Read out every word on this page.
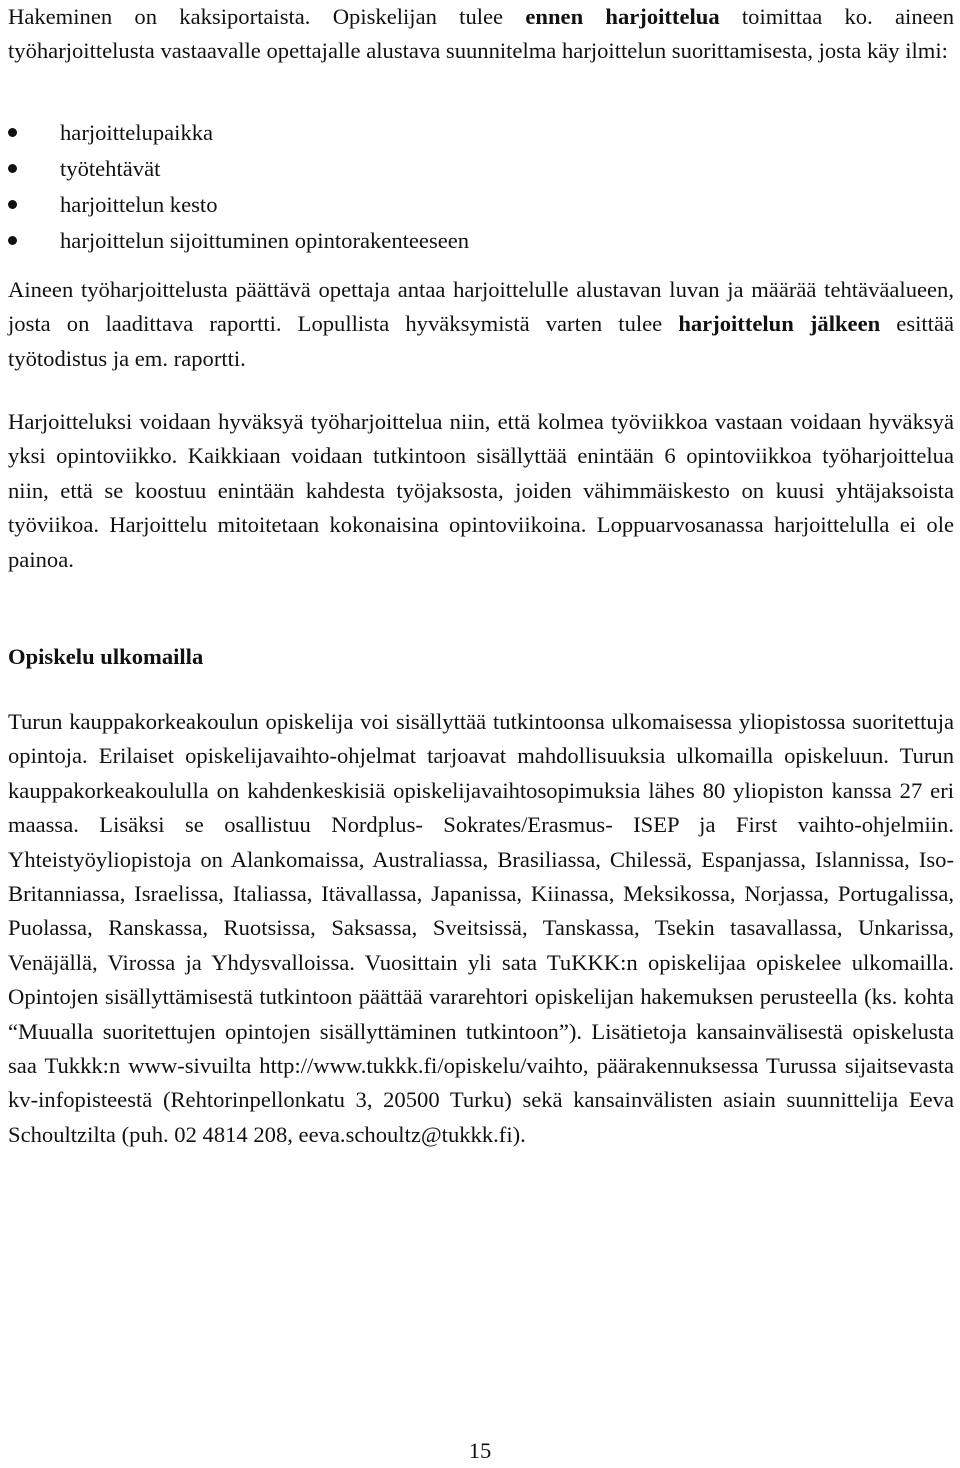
Hakeminen on kaksiportaista. Opiskelijan tulee ennen harjoittelua toimittaa ko. aineen työharjoittelusta vastaavalle opettajalle alustava suunnitelma harjoittelun suorittamisesta, josta käy ilmi:

harjoittelupaikka
työtehtävät
harjoittelun kesto
harjoittelun sijoittuminen opintorakenteeseen

Aineen työharjoittelusta päättävä opettaja antaa harjoittelulle alustavan luvan ja määrää tehtäväalueen, josta on laadittava raportti. Lopullista hyväksymistä varten tulee harjoittelun jälkeen esittää työtodistus ja em. raportti.

Harjoitteluksi voidaan hyväksyä työharjoittelua niin, että kolmea työviikkoa vastaan voidaan hyväksyä yksi opintoviikko. Kaikkiaan voidaan tutkintoon sisällyttää enintään 6 opintoviikkoa työharjoittelua niin, että se koostuu enintään kahdesta työjaksosta, joiden vähimmäiskesto on kuusi yhtäjaksoista työviikoa. Harjoittelu mitoitetaan kokonaisina opintoviikoina. Loppuarvosanassa harjoittelulla ei ole painoa.

Opiskelu ulkomailla

Turun kauppakorkeakoulun opiskelija voi sisällyttää tutkintoonsa ulkomaisessa yliopistossa suoritettuja opintoja. Erilaiset opiskelijavaihto-ohjelmat tarjoavat mahdollisuuksia ulkomailla opiskeluun. Turun kauppakorkeakoululla on kahdenkeskisiä opiskelijavaihtosopimuksia lähes 80 yliopiston kanssa 27 eri maassa. Lisäksi se osallistuu Nordplus- Sokrates/Erasmus- ISEP ja First vaihto-ohjelmiin. Yhteistyöyliopistoja on Alankomaissa, Australiassa, Brasiliassa, Chilessä, Espanjassa, Islannissa, Iso-Britanniassa, Israelissa, Italiassa, Itävallassa, Japanissa, Kiinassa, Meksikossa, Norjassa, Portugalissa, Puolassa, Ranskassa, Ruotsissa, Saksassa, Sveitsissä, Tanskassa, Tsekin tasavallassa, Unkarissa, Venäjällä, Virossa ja Yhdysvalloissa. Vuosittain yli sata TuKKK:n opiskelijaa opiskelee ulkomailla. Opintojen sisällyttämisestä tutkintoon päättää vararehtori opiskelijan hakemuksen perusteella (ks. kohta “Muualla suoritettujen opintojen sisällyttäminen tutkintoon”). Lisätietoja kansainvälisestä opiskelusta saa Tukkk:n www-sivuilta http://www.tukkk.fi/opiskelu/vaihto, päärakennuksessa Turussa sijaitsevasta kv-infopisteestä (Rehtorinpellonkatu 3, 20500 Turku) sekä kansainvälisten asiain suunnittelija Eeva Schoultzilta (puh. 02 4814 208, eeva.schoultz@tukkk.fi).

15
